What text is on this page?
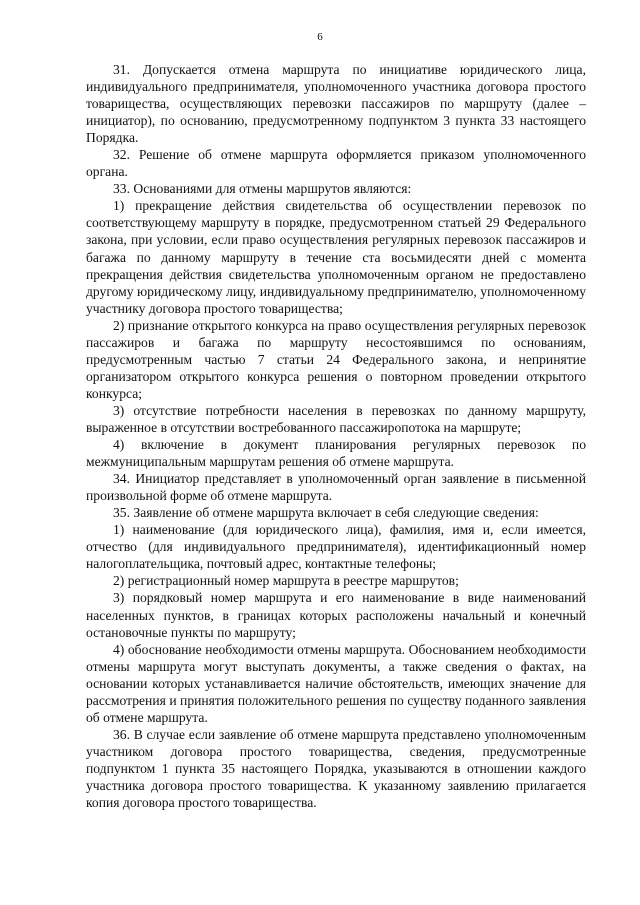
6

31. Допускается отмена маршрута по инициативе юридического лица, индивидуального предпринимателя, уполномоченного участника договора простого товарищества, осуществляющих перевозки пассажиров по маршруту (далее – инициатор), по основанию, предусмотренному подпунктом 3 пункта 33 настоящего Порядка.

32. Решение об отмене маршрута оформляется приказом уполномоченного органа.

33. Основаниями для отмены маршрутов являются:

1) прекращение действия свидетельства об осуществлении перевозок по соответствующему маршруту в порядке, предусмотренном статьей 29 Федерального закона, при условии, если право осуществления регулярных перевозок пассажиров и багажа по данному маршруту в течение ста восьмидесяти дней с момента прекращения действия свидетельства уполномоченным органом не предоставлено другому юридическому лицу, индивидуальному предпринимателю, уполномоченному участнику договора простого товарищества;

2) признание открытого конкурса на право осуществления регулярных перевозок пассажиров и багажа по маршруту несостоявшимся по основаниям, предусмотренным частью 7 статьи 24 Федерального закона, и непринятие организатором открытого конкурса решения о повторном проведении открытого конкурса;

3) отсутствие потребности населения в перевозках по данному маршруту, выраженное в отсутствии востребованного пассажиропотока на маршруте;

4) включение в документ планирования регулярных перевозок по межмуниципальным маршрутам решения об отмене маршрута.

34. Инициатор представляет в уполномоченный орган заявление в письменной произвольной форме об отмене маршрута.

35. Заявление об отмене маршрута включает в себя следующие сведения:

1) наименование (для юридического лица), фамилия, имя и, если имеется, отчество (для индивидуального предпринимателя), идентификационный номер налогоплательщика, почтовый адрес, контактные телефоны;

2) регистрационный номер маршрута в реестре маршрутов;

3) порядковый номер маршрута и его наименование в виде наименований населенных пунктов, в границах которых расположены начальный и конечный остановочные пункты по маршруту;

4) обоснование необходимости отмены маршрута. Обоснованием необходимости отмены маршрута могут выступать документы, а также сведения о фактах, на основании которых устанавливается наличие обстоятельств, имеющих значение для рассмотрения и принятия положительного решения по существу поданного заявления об отмене маршрута.

36. В случае если заявление об отмене маршрута представлено уполномоченным участником договора простого товарищества, сведения, предусмотренные подпунктом 1 пункта 35 настоящего Порядка, указываются в отношении каждого участника договора простого товарищества. К указанному заявлению прилагается копия договора простого товарищества.
